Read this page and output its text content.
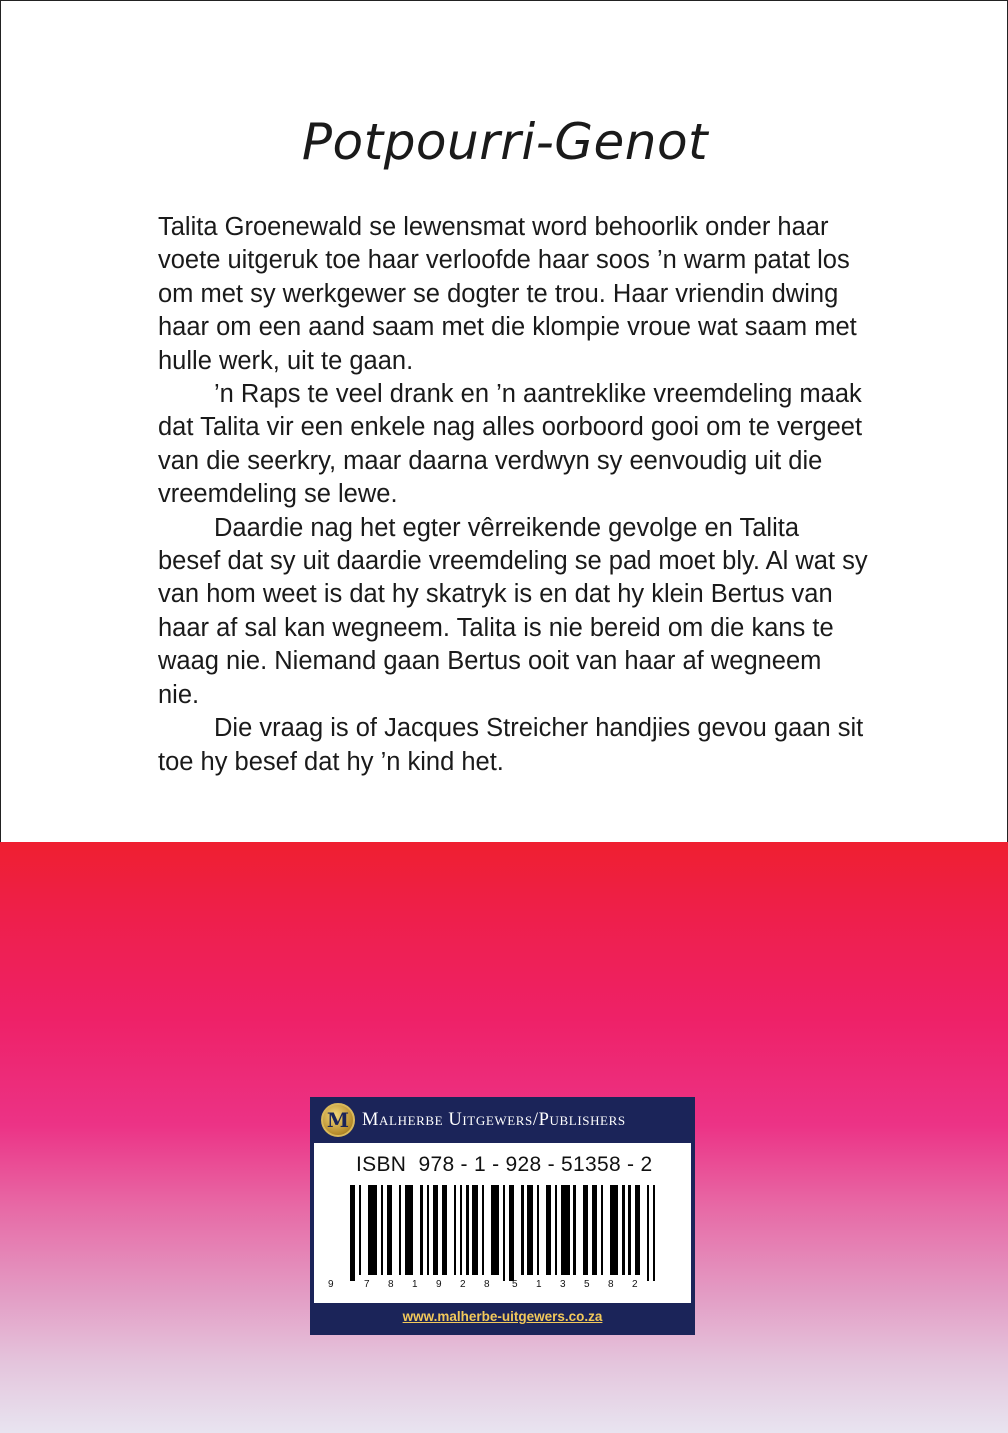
Potpourri-Genot

Talita Groenewald se lewensmat word behoorlik onder haar voete uitgeruk toe haar verloofde haar soos ’n warm patat los om met sy werkgewer se dogter te trou. Haar vriendin dwing haar om een aand saam met die klompie vroue wat saam met hulle werk, uit te gaan.

’n Raps te veel drank en ’n aantreklike vreemdeling maak dat Talita vir een enkele nag alles oorboord gooi om te vergeet van die seerkry, maar daarna verdwyn sy eenvoudig uit die vreemdeling se lewe.

Daardie nag het egter vêrreikende gevolge en Talita besef dat sy uit daardie vreemdeling se pad moet bly. Al wat sy van hom weet is dat hy skatryk is en dat hy klein Bertus van haar af sal kan wegneem. Talita is nie bereid om die kans te waag nie. Niemand gaan Bertus ooit van haar af wegneem nie.

Die vraag is of Jacques Streicher handjies gevou gaan sit toe hy besef dat hy ’n kind het.

M Malherbe Uitgewers/Publishers
ISBN  978 - 1 - 928 - 51358 - 2
9	7 8 1 9 2 8 5 1 3 5 8 2
www.malherbe-uitgewers.co.za
